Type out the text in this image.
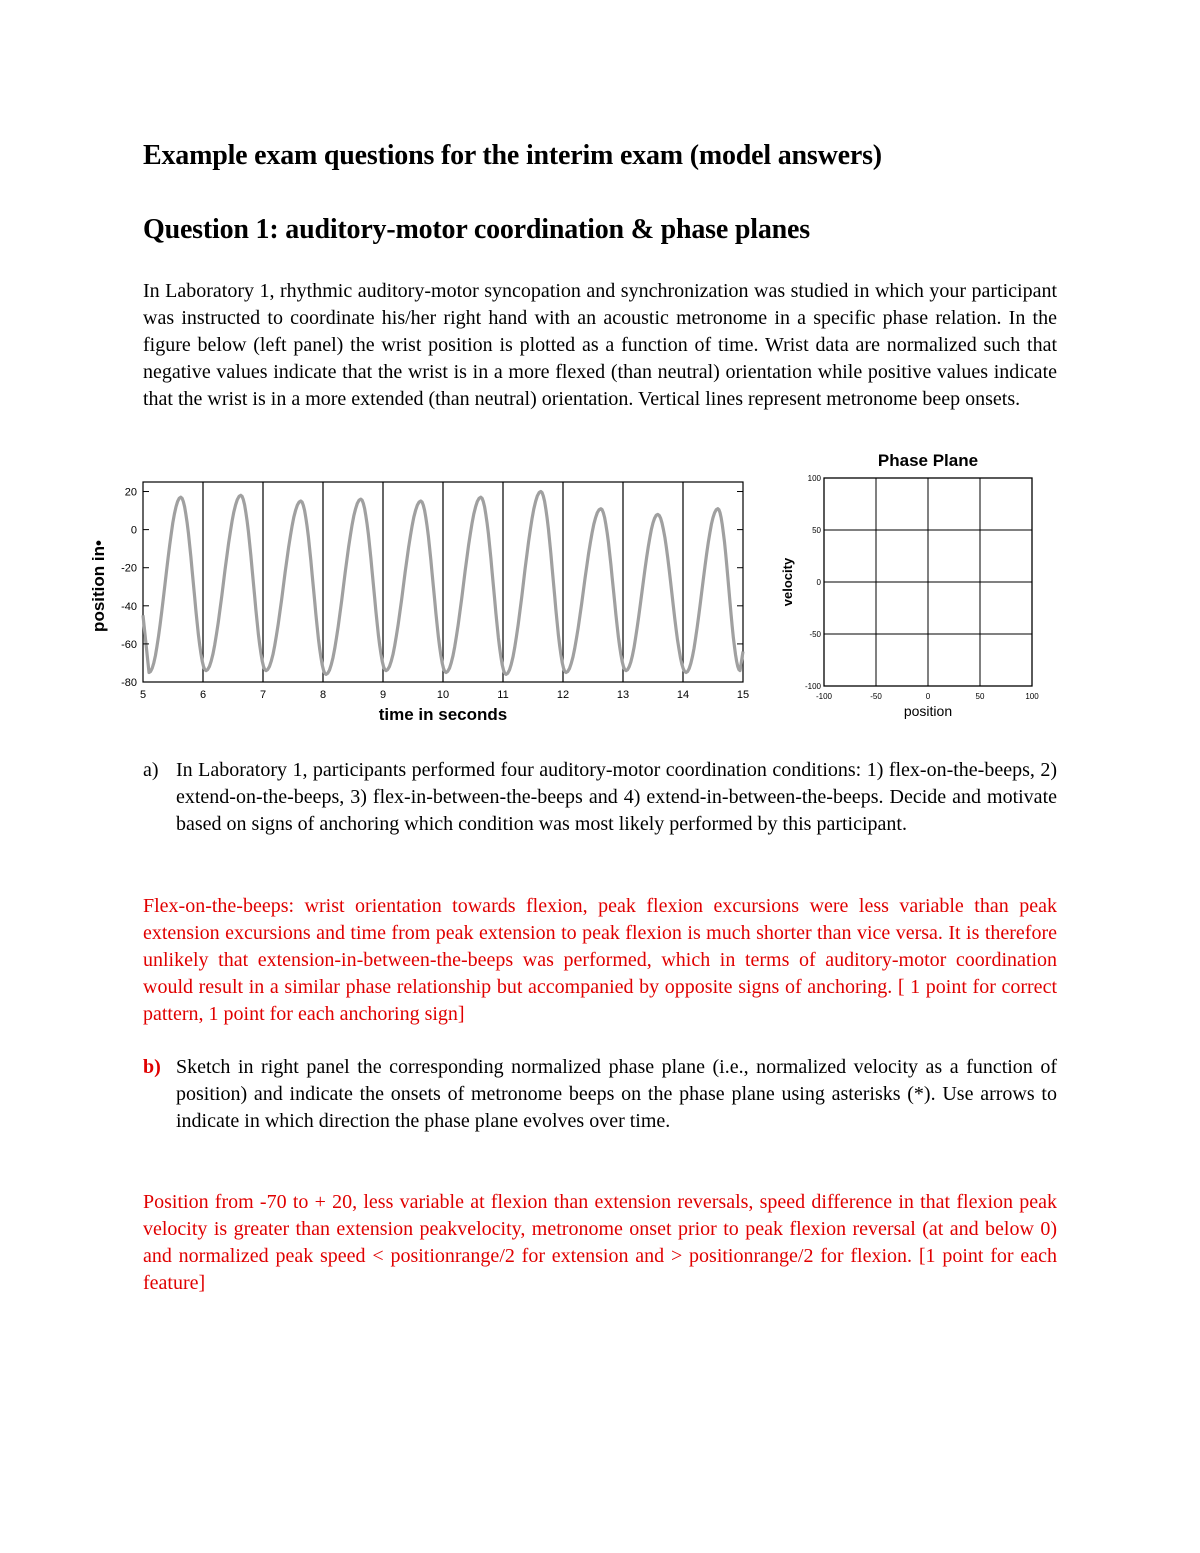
Example exam questions for the interim exam (model answers)
Question 1: auditory-motor coordination & phase planes

In Laboratory 1, rhythmic auditory-motor syncopation and synchronization was studied in which your participant was instructed to coordinate his/her right hand with an acoustic metronome in a specific phase relation. In the figure below (left panel) the wrist position is plotted as a function of time. Wrist data are normalized such that negative values indicate that the wrist is in a more flexed (than neutral) orientation while positive values indicate that the wrist is in a more extended (than neutral) orientation. Vertical lines represent metronome beep onsets.

20
0
-20
-40
-60
-80
5	6	7	8	9	10	11	12	13	14	15
time in seconds
position in•
Phase Plane
100
50
0
-50
-100
-100	-50	0	50	100
position
velocity
a) In Laboratory 1, participants performed four auditory-motor coordination conditions: 1) flex-on-the-beeps, 2) extend-on-the-beeps, 3) flex-in-between-the-beeps and 4) extend-in-between-the-beeps. Decide and motivate based on signs of anchoring which condition was most likely performed by this participant.

Flex-on-the-beeps: wrist orientation towards flexion, peak flexion excursions were less variable than peak extension excursions and time from peak extension to peak flexion is much shorter than vice versa. It is therefore unlikely that extension-in-between-the-beeps was performed, which in terms of auditory-motor coordination would result in a similar phase relationship but accompanied by opposite signs of anchoring. [ 1 point for correct pattern, 1 point for each anchoring sign]

b) Sketch in right panel the corresponding normalized phase plane (i.e., normalized velocity as a function of position) and indicate the onsets of metronome beeps on the phase plane using asterisks (*). Use arrows to indicate in which direction the phase plane evolves over time.

Position from -70 to + 20, less variable at flexion than extension reversals, speed difference in that flexion peak velocity is greater than extension peakvelocity, metronome onset prior to peak flexion reversal (at and below 0) and normalized peak speed < positionrange/2 for extension and > positionrange/2 for flexion. [1 point for each feature]
